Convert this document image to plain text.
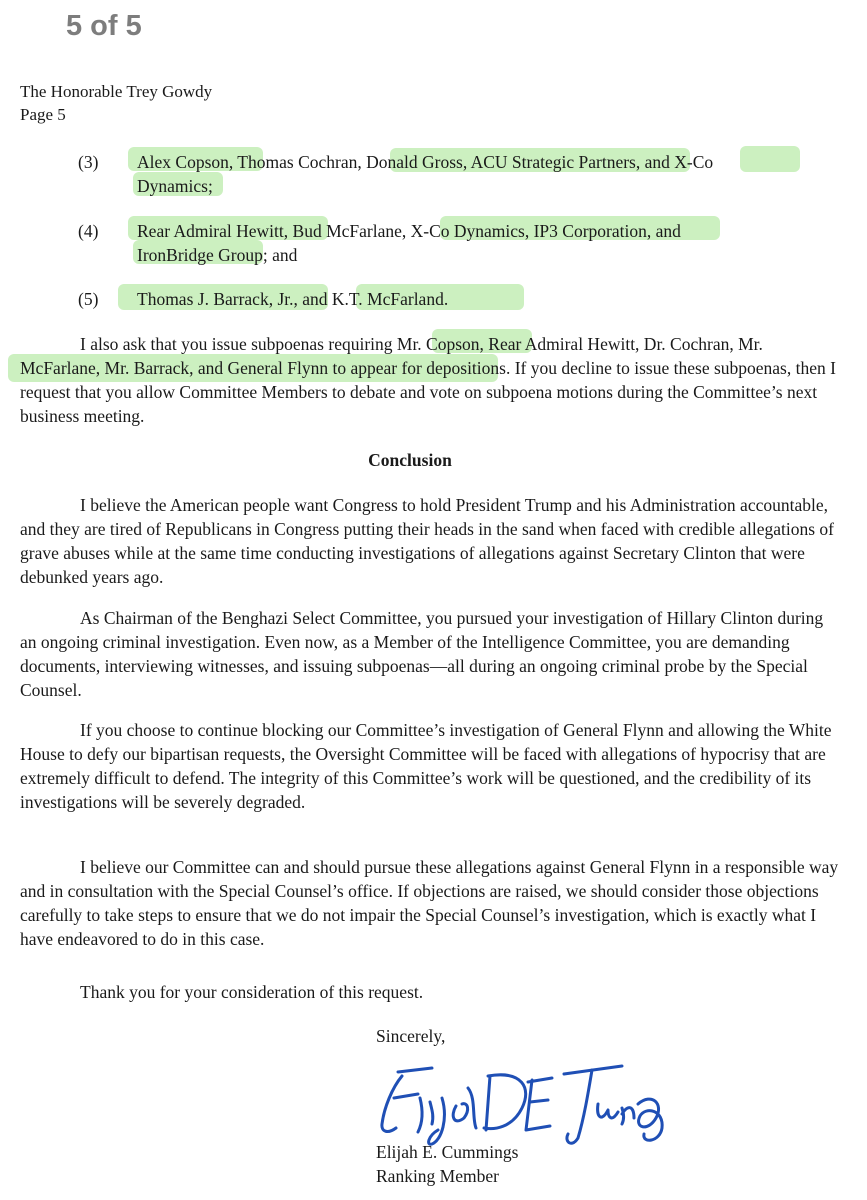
5 of 5
The Honorable Trey Gowdy
Page 5
(3) Alex Copson, Thomas Cochran, Donald Gross, ACU Strategic Partners, and X-Co
Dynamics;
(4) Rear Admiral Hewitt, Bud McFarlane, X-Co Dynamics, IP3 Corporation, and
IronBridge Group; and
(5) Thomas J. Barrack, Jr., and K.T. McFarland.

I also ask that you issue subpoenas requiring Mr. Copson, Rear Admiral Hewitt, Dr. Cochran, Mr. McFarlane, Mr. Barrack, and General Flynn to appear for depositions. If you decline to issue these subpoenas, then I request that you allow Committee Members to debate and vote on subpoena motions during the Committee’s next business meeting.

Conclusion

I believe the American people want Congress to hold President Trump and his Administration accountable, and they are tired of Republicans in Congress putting their heads in the sand when faced with credible allegations of grave abuses while at the same time conducting investigations of allegations against Secretary Clinton that were debunked years ago.

As Chairman of the Benghazi Select Committee, you pursued your investigation of Hillary Clinton during an ongoing criminal investigation. Even now, as a Member of the Intelligence Committee, you are demanding documents, interviewing witnesses, and issuing subpoenas—all during an ongoing criminal probe by the Special Counsel.

If you choose to continue blocking our Committee’s investigation of General Flynn and allowing the White House to defy our bipartisan requests, the Oversight Committee will be faced with allegations of hypocrisy that are extremely difficult to defend. The integrity of this Committee’s work will be questioned, and the credibility of its investigations will be severely degraded.

I believe our Committee can and should pursue these allegations against General Flynn in a responsible way and in consultation with the Special Counsel’s office. If objections are raised, we should consider those objections carefully to take steps to ensure that we do not impair the Special Counsel’s investigation, which is exactly what I have endeavored to do in this case.

Thank you for your consideration of this request.

Sincerely,
Elijah E. Cummings
Ranking Member
